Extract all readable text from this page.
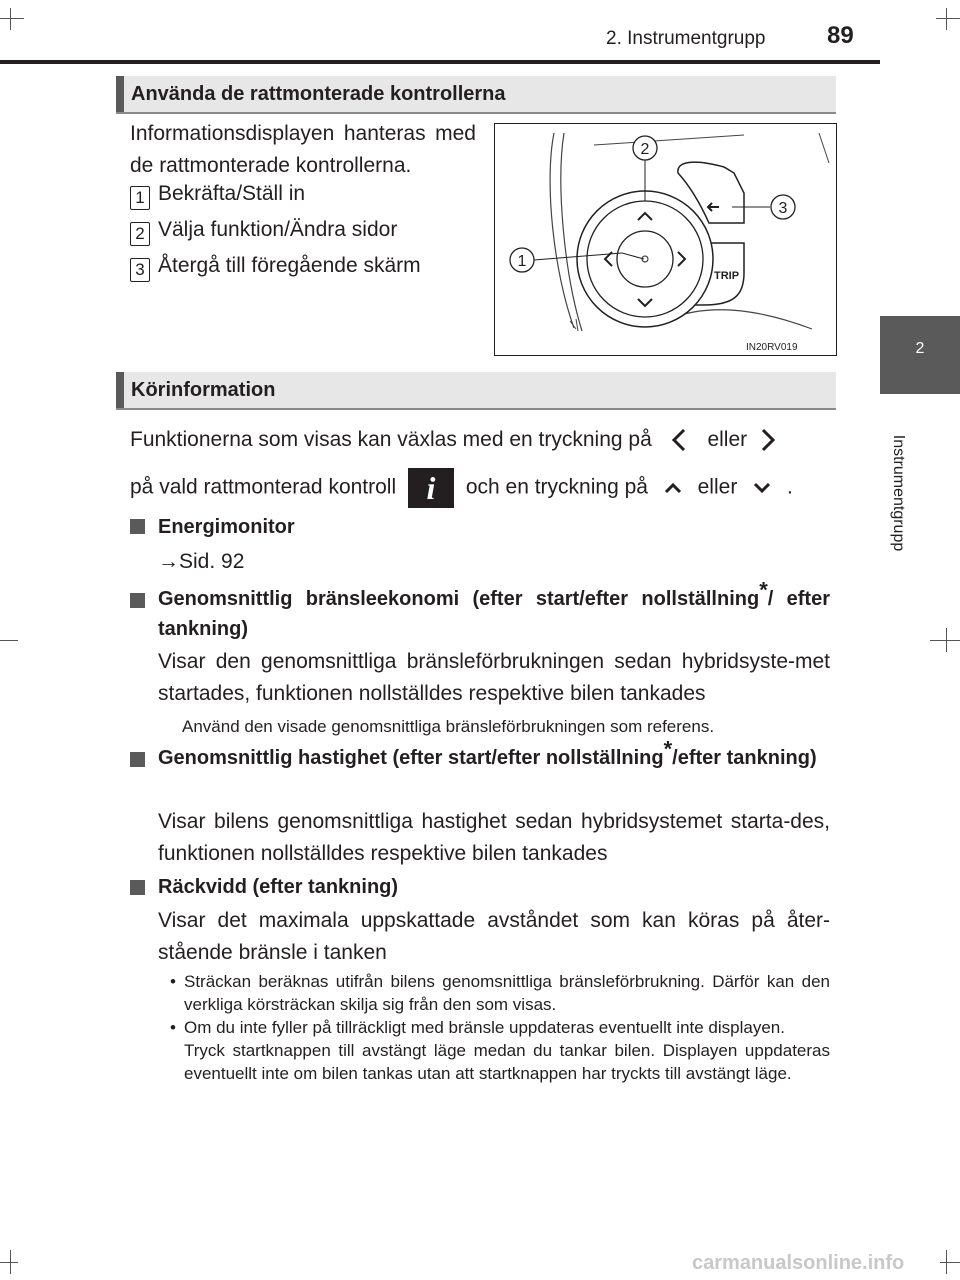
2. Instrumentgrupp	89
2
Instrumentgrupp
Använda de rattmonterade kontrollerna
Informationsdisplayen hanteras med de rattmonterade kontrollerna.
1 Bekräfta/Ställ in
2 Välja funktion/Ändra sidor
3 Återgå till föregående skärm	TRIP
2
3
1
IN20RV019
Körinformation
Funktionerna som visas kan växlas med en tryckning på	eller
på vald rattmonterad kontroll i och en tryckning på eller .
Energimonitor
→Sid. 92
Genomsnittlig bränsleekonomi (efter start/efter nollställning*/ efter tankning)
Visar den genomsnittliga bränsleförbrukningen sedan hybridsyste-met startades, funktionen nollställdes respektive bilen tankades
Använd den visade genomsnittliga bränsleförbrukningen som referens.
Genomsnittlig hastighet (efter start/efter nollställning*/efter tankning)
Visar bilens genomsnittliga hastighet sedan hybridsystemet starta-des, funktionen nollställdes respektive bilen tankades
Räckvidd (efter tankning)
Visar det maximala uppskattade avståndet som kan köras på åter-stående bränsle i tanken
• Sträckan beräknas utifrån bilens genomsnittliga bränsleförbrukning. Därför kan den verkliga körsträckan skilja sig från den som visas.
• Om du inte fyller på tillräckligt med bränsle uppdateras eventuellt inte displayen.
Tryck startknappen till avstängt läge medan du tankar bilen. Displayen uppdateras eventuellt inte om bilen tankas utan att startknappen har tryckts till avstängt läge.
carmanualsonline.info
